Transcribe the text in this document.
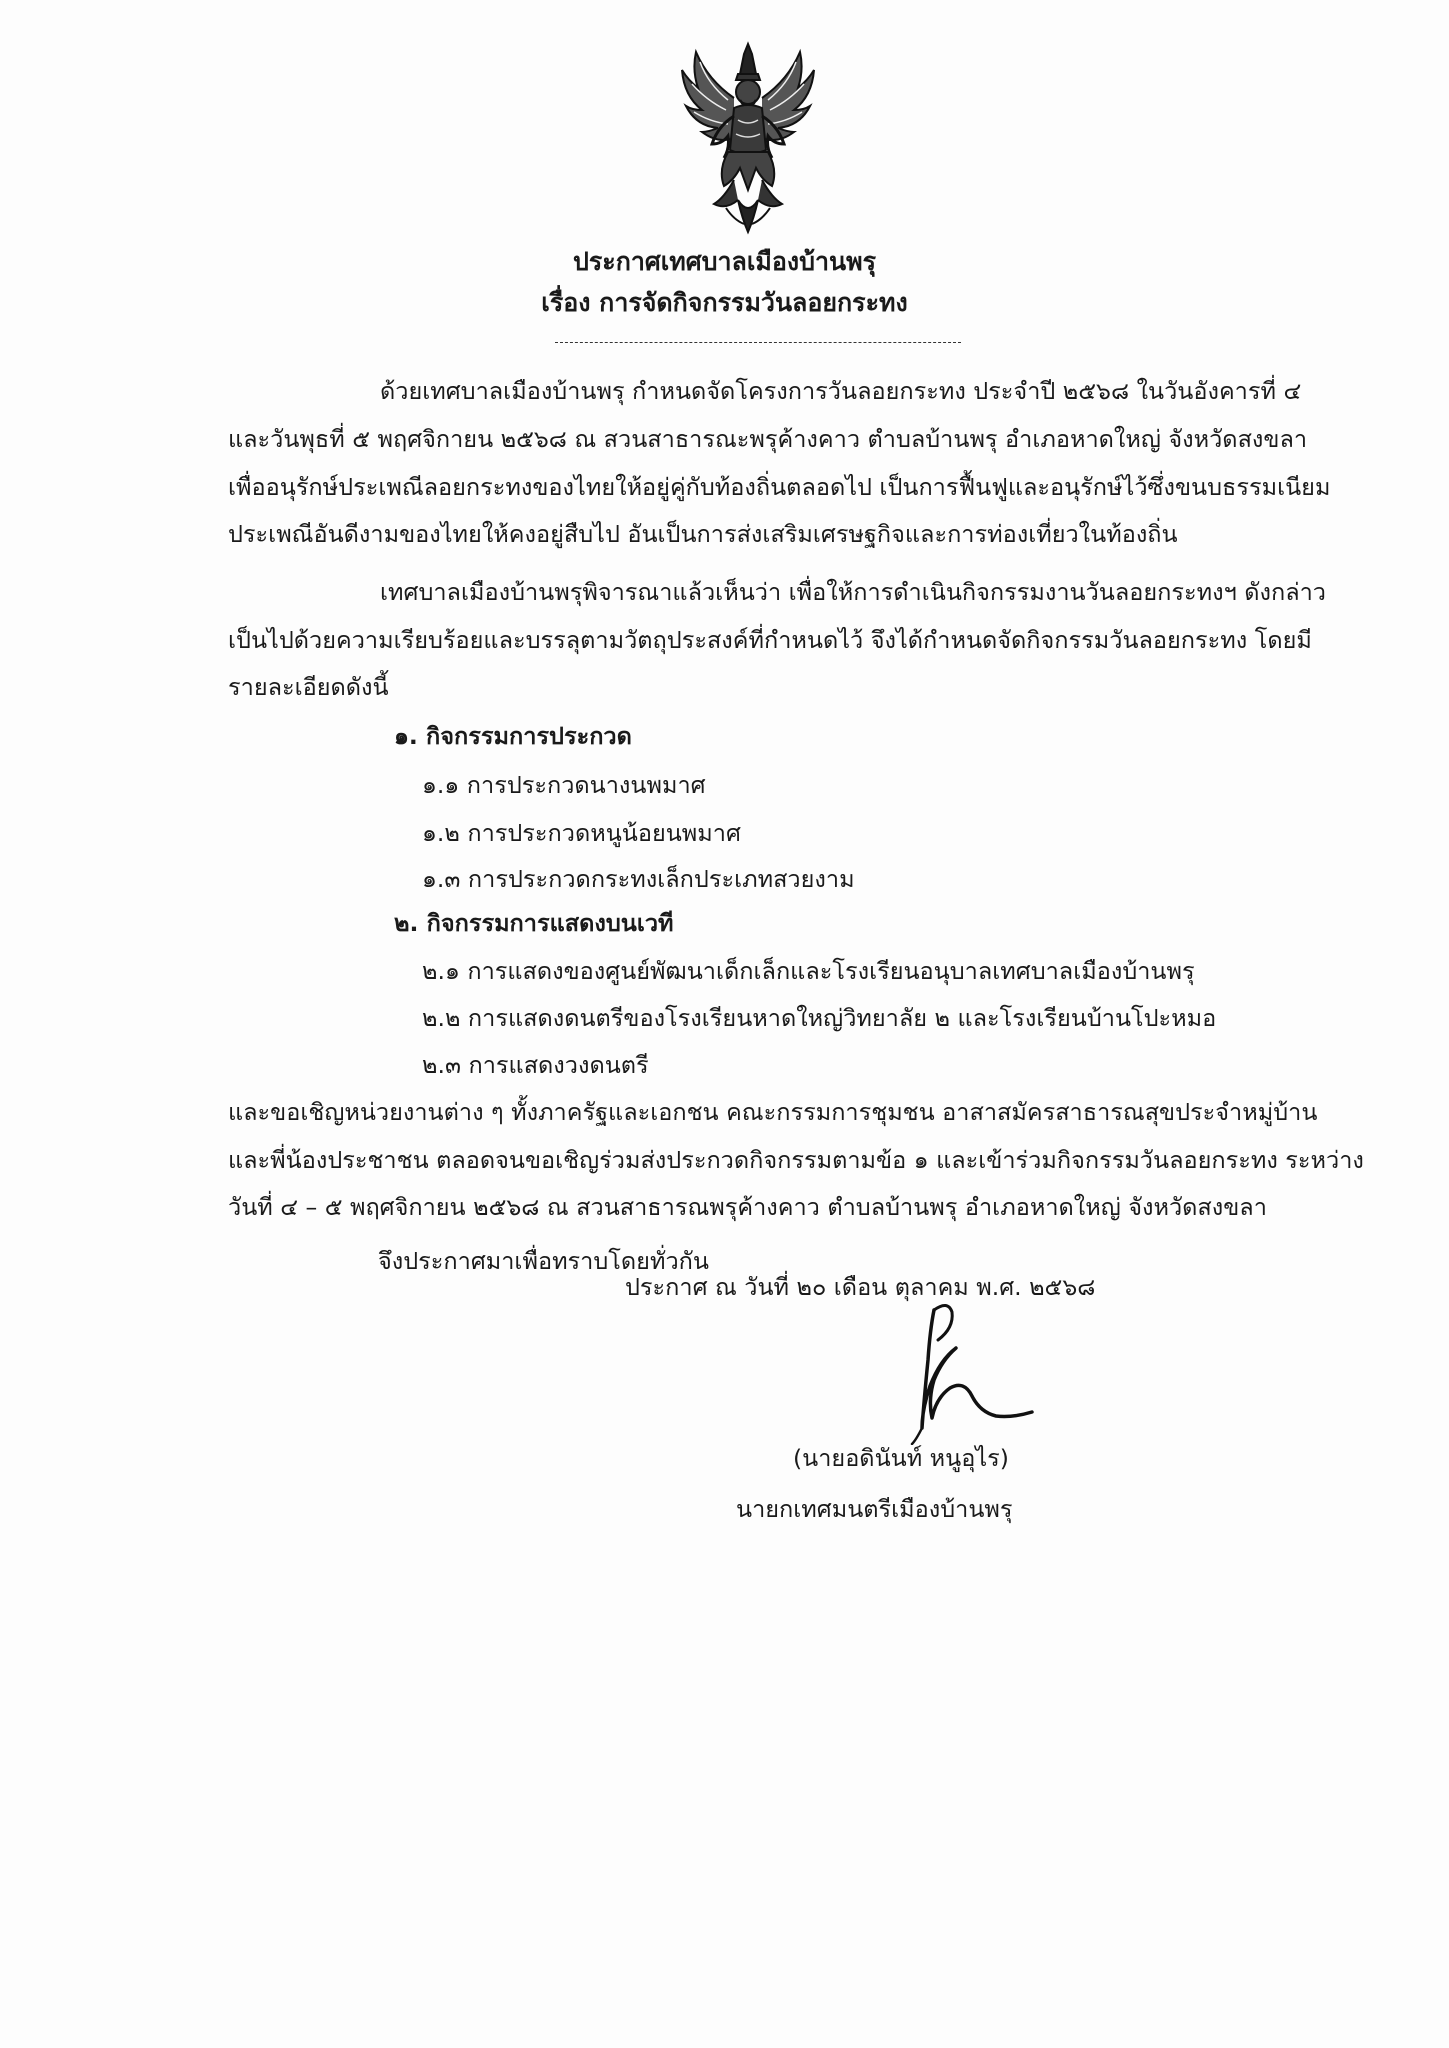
ประกาศเทศบาลเมืองบ้านพรุ
เรื่อง การจัดกิจกรรมวันลอยกระทง
ด้วยเทศบาลเมืองบ้านพรุ กำหนดจัดโครงการวันลอยกระทง ประจำปี ๒๕๖๘ ในวันอังคารที่ ๔
และวันพุธที่ ๕ พฤศจิกายน ๒๕๖๘ ณ สวนสาธารณะพรุค้างคาว ตำบลบ้านพรุ อำเภอหาดใหญ่ จังหวัดสงขลา
เพื่ออนุรักษ์ประเพณีลอยกระทงของไทยให้อยู่คู่กับท้องถิ่นตลอดไป เป็นการฟื้นฟูและอนุรักษ์ไว้ซึ่งขนบธรรมเนียม
ประเพณีอันดีงามของไทยให้คงอยู่สืบไป อันเป็นการส่งเสริมเศรษฐกิจและการท่องเที่ยวในท้องถิ่น
เทศบาลเมืองบ้านพรุพิจารณาแล้วเห็นว่า เพื่อให้การดำเนินกิจกรรมงานวันลอยกระทงฯ ดังกล่าว
เป็นไปด้วยความเรียบร้อยและบรรลุตามวัตถุประสงค์ที่กำหนดไว้ จึงได้กำหนดจัดกิจกรรมวันลอยกระทง โดยมี
รายละเอียดดังนี้
๑. กิจกรรมการประกวด
๑.๑ การประกวดนางนพมาศ
๑.๒ การประกวดหนูน้อยนพมาศ
๑.๓ การประกวดกระทงเล็กประเภทสวยงาม
๒. กิจกรรมการแสดงบนเวที
๒.๑ การแสดงของศูนย์พัฒนาเด็กเล็กและโรงเรียนอนุบาลเทศบาลเมืองบ้านพรุ
๒.๒ การแสดงดนตรีของโรงเรียนหาดใหญ่วิทยาลัย ๒ และโรงเรียนบ้านโปะหมอ
๒.๓ การแสดงวงดนตรี
และขอเชิญหน่วยงานต่าง ๆ ทั้งภาครัฐและเอกชน คณะกรรมการชุมชน อาสาสมัครสาธารณสุขประจำหมู่บ้าน
และพี่น้องประชาชน ตลอดจนขอเชิญร่วมส่งประกวดกิจกรรมตามข้อ ๑ และเข้าร่วมกิจกรรมวันลอยกระทง ระหว่าง
วันที่ ๔ – ๕ พฤศจิกายน ๒๕๖๘ ณ สวนสาธารณพรุค้างคาว ตำบลบ้านพรุ อำเภอหาดใหญ่ จังหวัดสงขลา
จึงประกาศมาเพื่อทราบโดยทั่วกัน
ประกาศ ณ วันที่ ๒๐ เดือน ตุลาคม พ.ศ. ๒๕๖๘
(นายอดินันท์ หนูอุไร)
นายกเทศมนตรีเมืองบ้านพรุ
